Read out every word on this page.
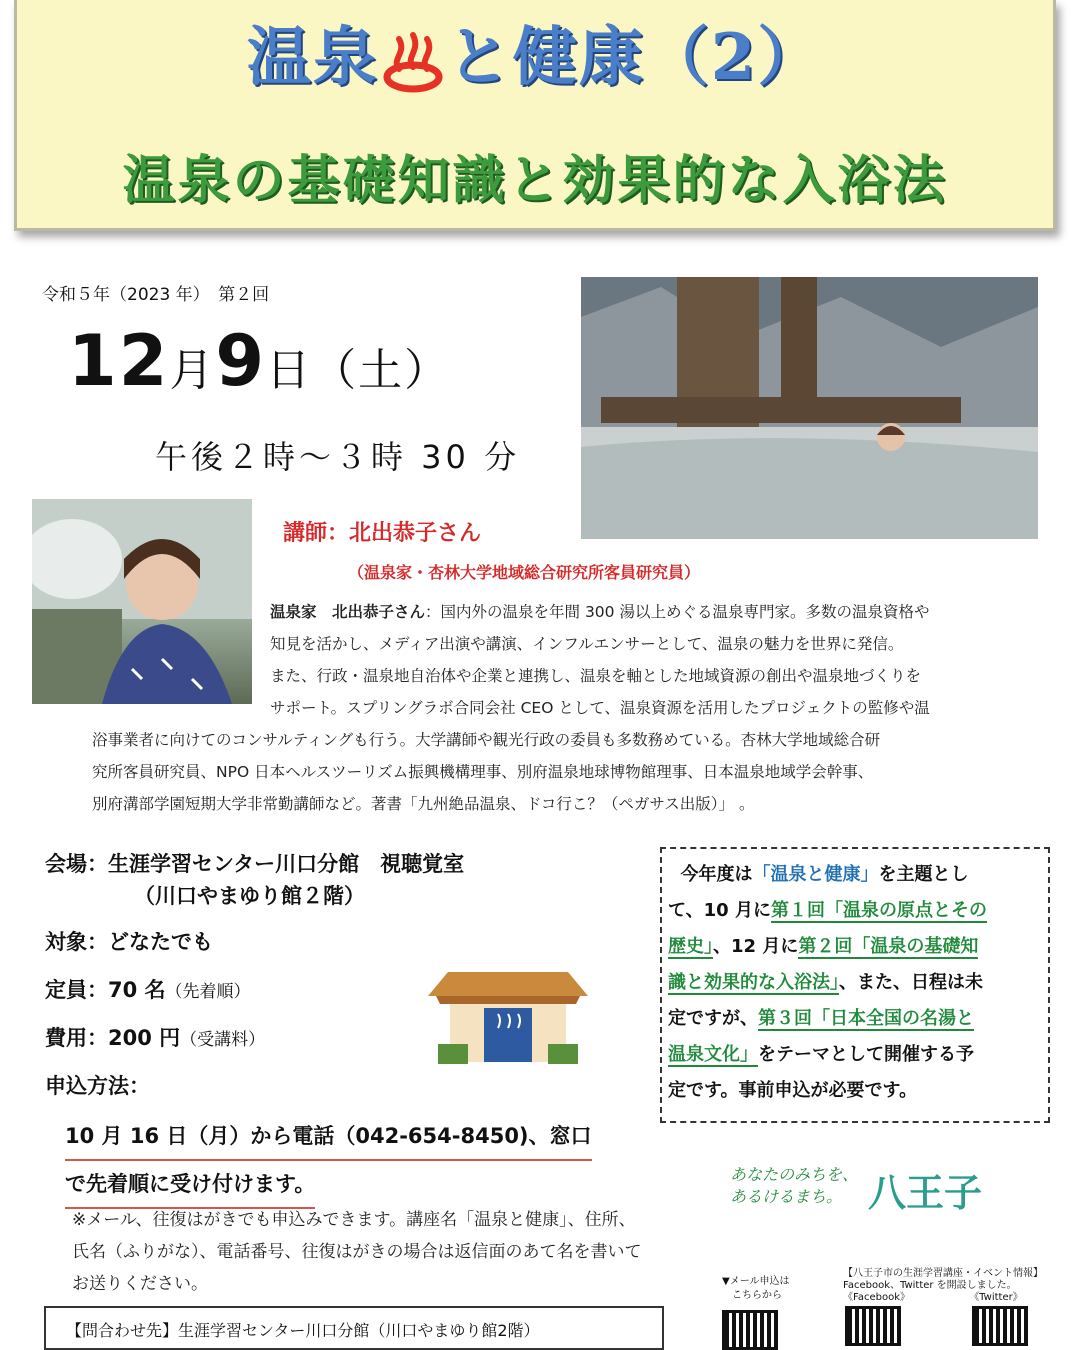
温泉 と健康（2）
温泉の基礎知識と効果的な入浴法
令和５年（2023 年）　第２回
12月9日（土）
午後２時～３時 30 分
講師：北出恭子さん
（温泉家・杏林大学地域総合研究所客員研究員）
温泉家　北出恭子さん：国内外の温泉を年間 300 湯以上めぐる温泉専門家。多数の温泉資格や
知見を活かし、メディア出演や講演、インフルエンサーとして、温泉の魅力を世界に発信。
また、行政・温泉地自治体や企業と連携し、温泉を軸とした地域資源の創出や温泉地づくりを
サポート。スプリングラボ合同会社 CEO として、温泉資源を活用したプロジェクトの監修や温
浴事業者に向けてのコンサルティングも行う。大学講師や観光行政の委員も多数務めている。杏林大学地域総合研
究所客員研究員、NPO 日本ヘルスツーリズム振興機構理事、別府温泉地球博物館理事、日本温泉地域学会幹事、
別府溝部学園短期大学非常勤講師など。著書「九州絶品温泉、ドコ行こ？（ペガサス出版）」 。
会場：生涯学習センター川口分館　視聴覚室
（川口やまゆり館２階）
対象：どなたでも
定員：70 名（先着順）
費用：200 円（受講料）
申込方法：
10 月 16 日（月）から電話（042-654-8450)、窓口
で先着順に受け付けます。
※メール、往復はがきでも申込みできます。講座名「温泉と健康」、住所、氏名（ふりがな）、電話番号、往復はがきの場合は返信面のあて名を書いてお送りください。
今年度は「温泉と健康」を主題とし
て、10 月に第１回「温泉の原点とその
歴史」、12 月に第２回「温泉の基礎知
識と効果的な入浴法」、また、日程は未
定ですが、第３回「日本全国の名湯と
温泉文化」をテーマとして開催する予
定です。事前申込が必要です。
あなたのみちを、
あるけるまち。 八王子
▼メール申込は
こちらから
【八王子市の生涯学習講座・イベント情報】
Facebook、Twitter を開設しました。
《Facebook》	《Twitter》
【問合わせ先】生涯学習センター川口分館（川口やまゆり館2階）
